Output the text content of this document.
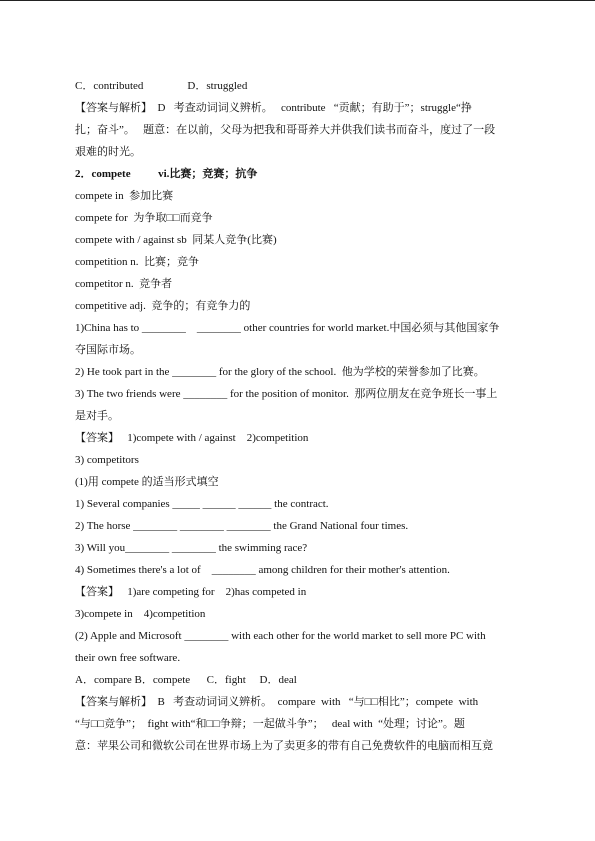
C．contributed                D．struggled
【答案与解析】  D   考查动词词义辨析。   contribute   “贡献；有助于”；struggle“挣
扎；奋斗”。   题意：在以前，父母为把我和哥哥养大并供我们读书而奋斗，度过了一段
艰难的时光。
2．compete          vi.比赛；竞赛；抗争
compete in  参加比赛
compete for  为争取□□而竞争
compete with / against sb  同某人竞争(比赛)
competition n.  比赛；竞争
competitor n.  竞争者
competitive adj.  竞争的；有竞争力的
1)China has to ________    ________ other countries for world market.中国必须与其他国家争
夺国际市场。
2) He took part in the ________ for the glory of the school.  他为学校的荣誉参加了比赛。
3) The two friends were ________ for the position of monitor.  那两位朋友在竞争班长一事上
是对手。
【答案】   1)compete with / against    2)competition
3) competitors
(1)用 compete 的适当形式填空
1) Several companies _____ ______ ______ the contract.
2) The horse ________ ________ ________ the Grand National four times.
3) Will you________ ________ the swimming race?
4) Sometimes there's a lot of    ________ among children for their mother's attention.
【答案】   1)are competing for    2)has competed in
3)compete in    4)competition
(2) Apple and Microsoft ________ with each other for the world market to sell more PC with
their own free software.
A．compare B．compete      C．fight     D．deal
【答案与解析】  B   考查动词词义辨析。  compare  with   “与□□相比”；compete  with
“与□□竞争”；  fight with“和□□争辩；一起做斗争”；   deal with  “处理；讨论”。题
意：苹果公司和微软公司在世界市场上为了卖更多的带有自己免费软件的电脑而相互竟
